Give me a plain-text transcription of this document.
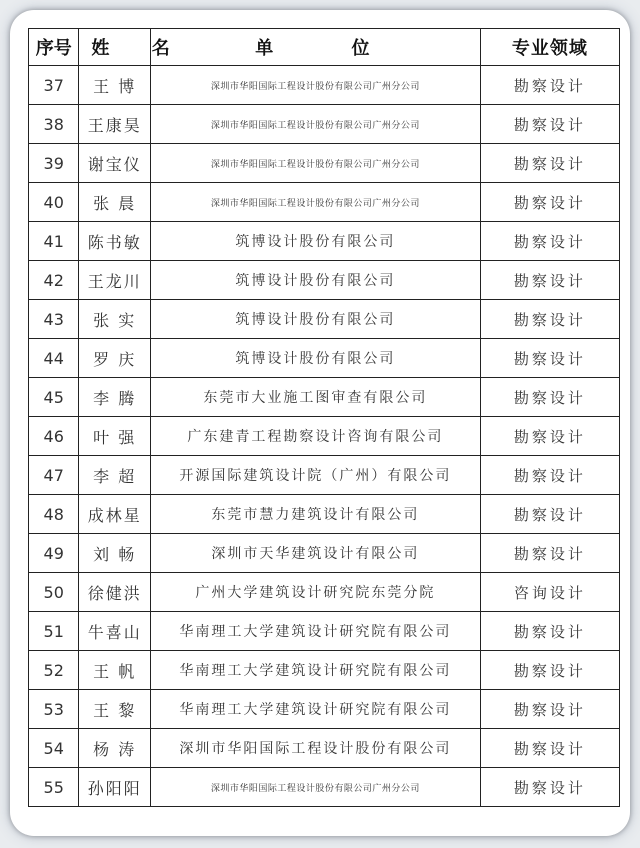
序号	姓 名	单 位	专业领域
37	王 博	深圳市华阳国际工程设计股份有限公司广州分公司	勘察设计
38	王康昊	深圳市华阳国际工程设计股份有限公司广州分公司	勘察设计
39	谢宝仪	深圳市华阳国际工程设计股份有限公司广州分公司	勘察设计
40	张 晨	深圳市华阳国际工程设计股份有限公司广州分公司	勘察设计
41	陈书敏	筑博设计股份有限公司	勘察设计
42	王龙川	筑博设计股份有限公司	勘察设计
43	张 实	筑博设计股份有限公司	勘察设计
44	罗 庆	筑博设计股份有限公司	勘察设计
45	李 腾	东莞市大业施工图审查有限公司	勘察设计
46	叶 强	广东建青工程勘察设计咨询有限公司	勘察设计
47	李 超	开源国际建筑设计院（广州）有限公司	勘察设计
48	成林星	东莞市慧力建筑设计有限公司	勘察设计
49	刘 畅	深圳市天华建筑设计有限公司	勘察设计
50	徐健洪	广州大学建筑设计研究院东莞分院	咨询设计
51	牛喜山	华南理工大学建筑设计研究院有限公司	勘察设计
52	王 帆	华南理工大学建筑设计研究院有限公司	勘察设计
53	王 黎	华南理工大学建筑设计研究院有限公司	勘察设计
54	杨 涛	深圳市华阳国际工程设计股份有限公司	勘察设计
55	孙阳阳	深圳市华阳国际工程设计股份有限公司广州分公司	勘察设计
